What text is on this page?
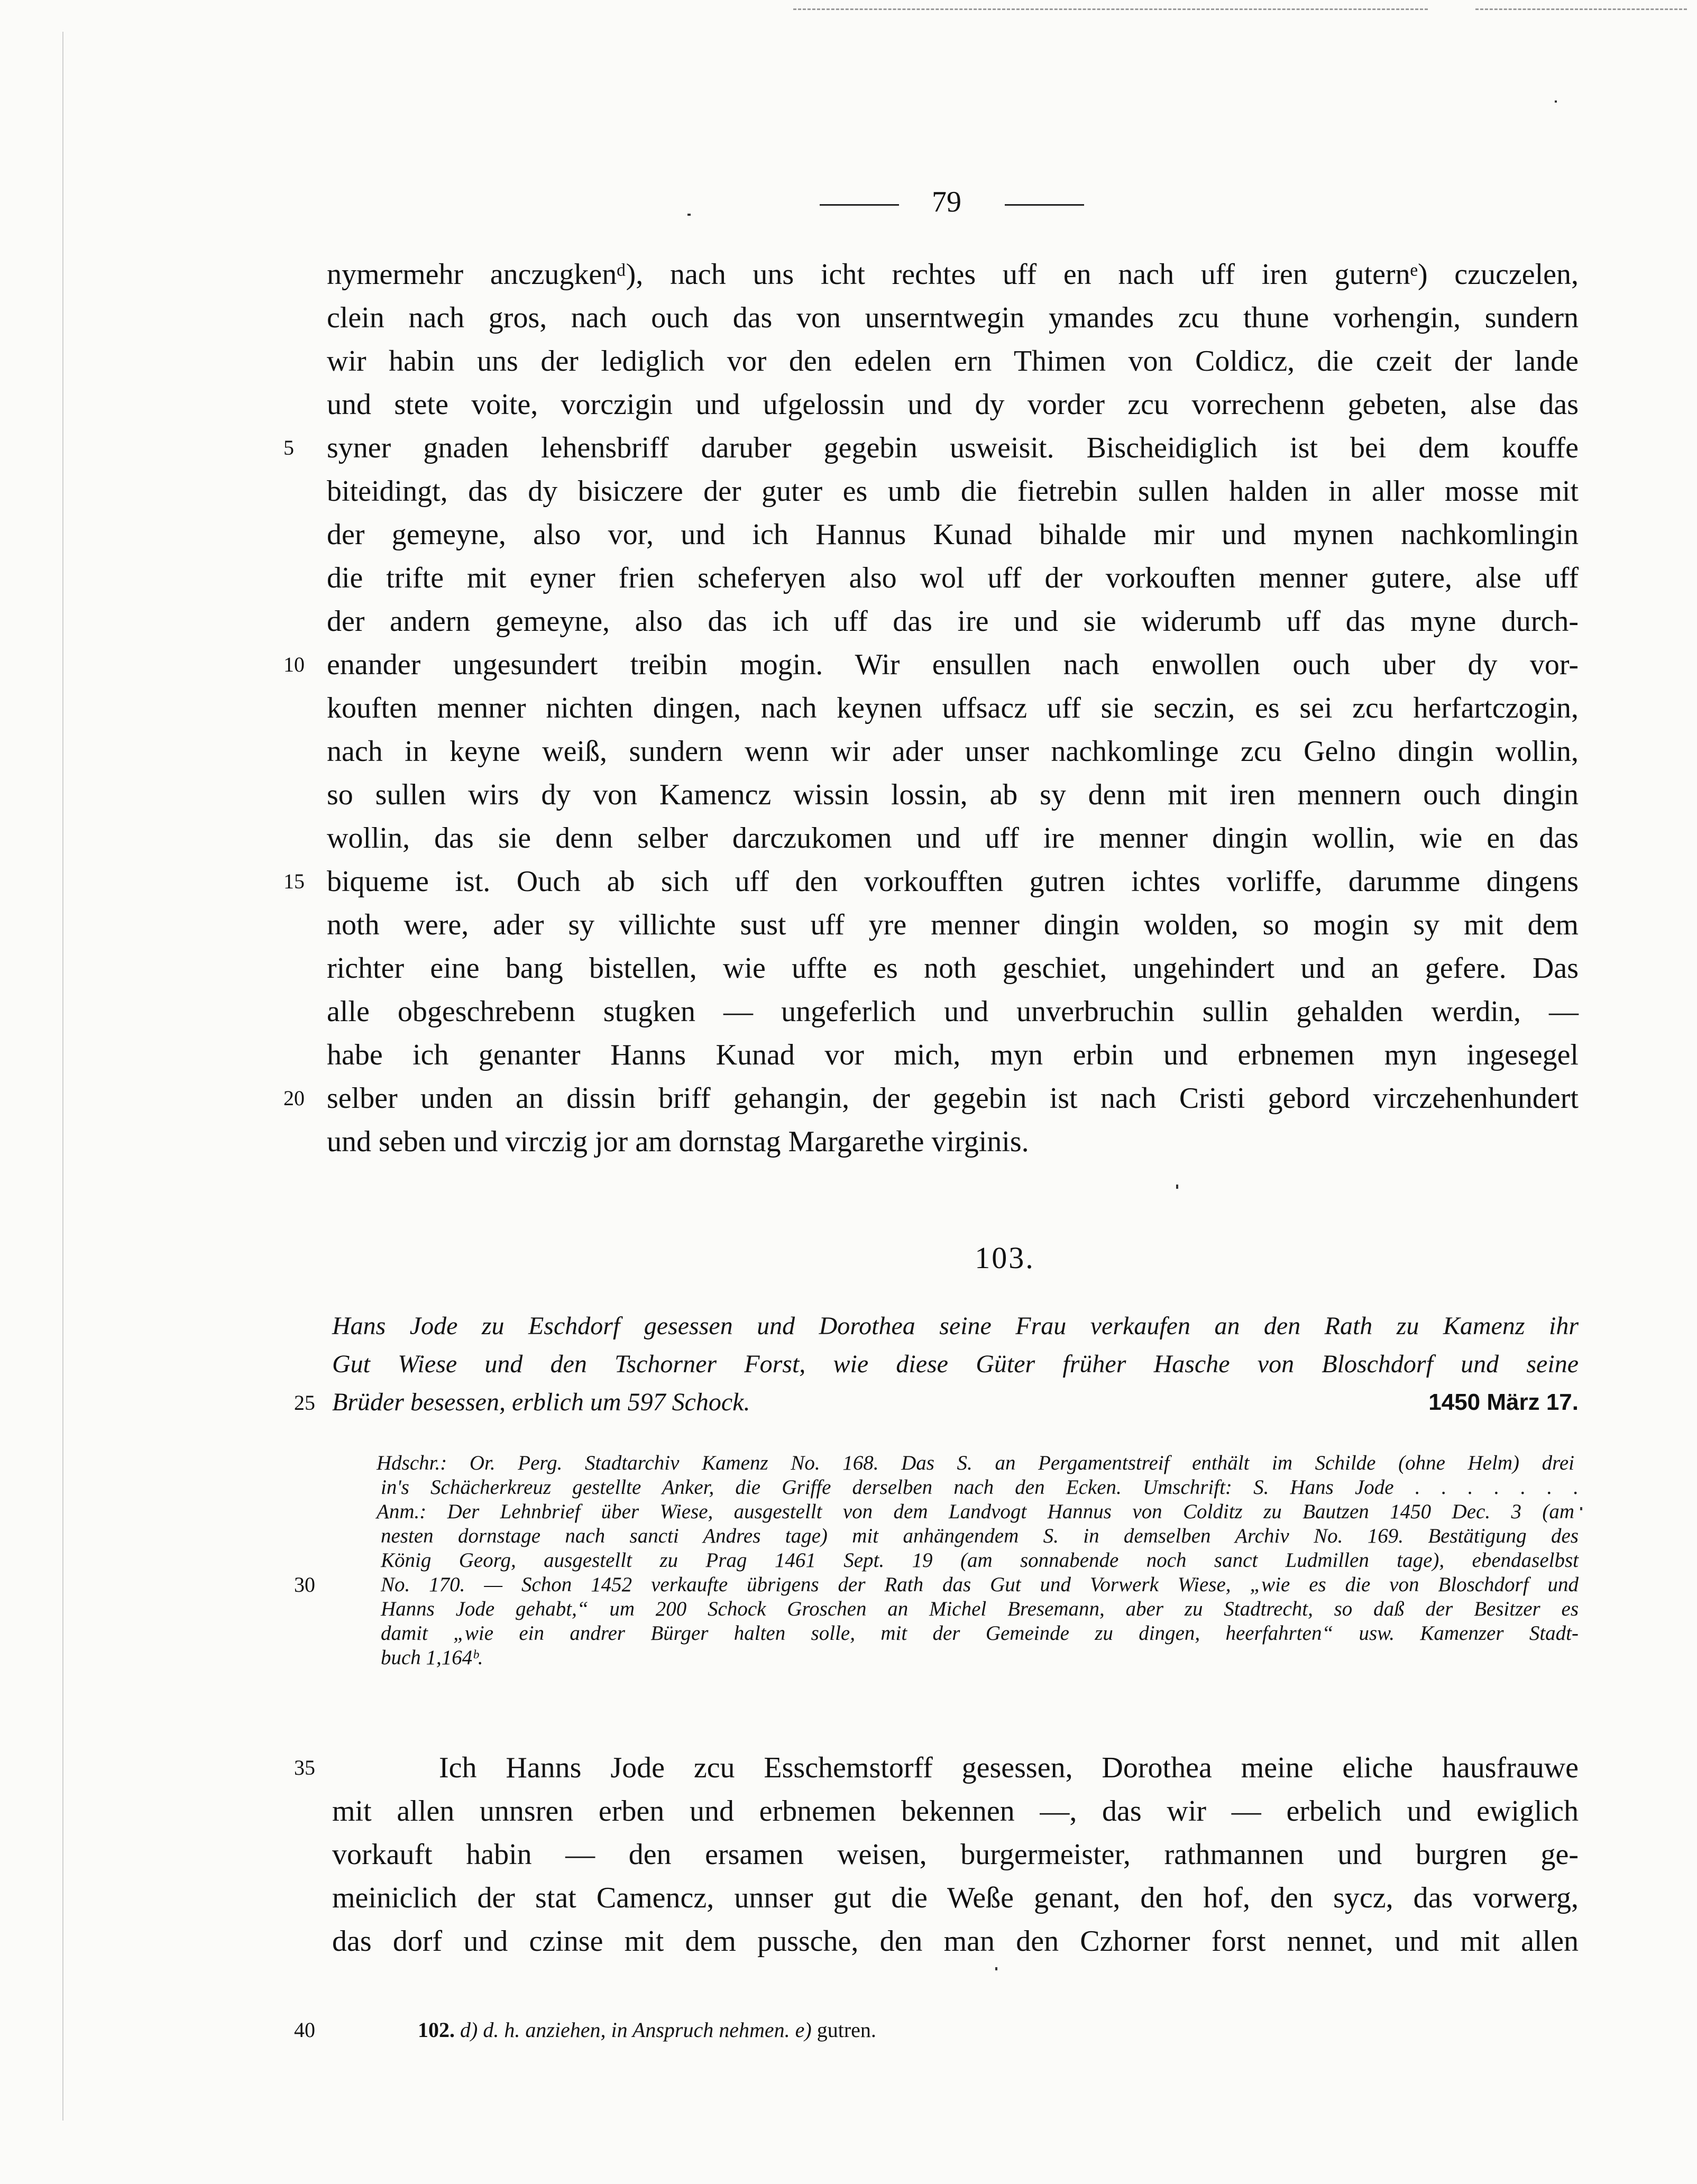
79
nymermehr anczugkenᵈ), nach uns icht rechtes uff en nach uff iren guternᵉ) czuczelen,
clein nach gros, nach ouch das von unserntwegin ymandes zcu thune vorhengin, sundern
wir habin uns der lediglich vor den edelen ern Thimen von Coldicz, die czeit der lande
und stete voite, vorczigin und ufgelossin und dy vorder zcu vorrechenn gebeten, alse das
syner gnaden lehensbriff daruber gegebin usweisit. Bischeidiglich ist bei dem kouffe
biteidingt, das dy bisiczere der guter es umb die fietrebin sullen halden in aller mosse mit
der gemeyne, also vor, und ich Hannus Kunad bihalde mir und mynen nachkomlingin
die trifte mit eyner frien scheferyen also wol uff der vorkouften menner gutere, alse uff
der andern gemeyne, also das ich uff das ire und sie widerumb uff das myne durch-
enander ungesundert treibin mogin. Wir ensullen nach enwollen ouch uber dy vor-
kouften menner nichten dingen, nach keynen uffsacz uff sie seczin, es sei zcu herfartczogin,
nach in keyne weiß, sundern wenn wir ader unser nachkomlinge zcu Gelno dingin wollin,
so sullen wirs dy von Kamencz wissin lossin, ab sy denn mit iren mennern ouch dingin
wollin, das sie denn selber darczukomen und uff ire menner dingin wollin, wie en das
biqueme ist. Ouch ab sich uff den vorkoufften gutren ichtes vorliffe, darumme dingens
noth were, ader sy villichte sust uff yre menner dingin wolden, so mogin sy mit dem
richter eine bang bistellen, wie uffte es noth geschiet, ungehindert und an gefere. Das
alle obgeschrebenn stugken — ungeferlich und unverbruchin sullin gehalden werdin, —
habe ich genanter Hanns Kunad vor mich, myn erbin und erbnemen myn ingesegel
selber unden an dissin briff gehangin, der gegebin ist nach Cristi gebord virczehenhundert
und seben und virczig jor am dornstag Margarethe virginis.
5
10
15
20
103.
Hans Jode zu Eschdorf gesessen und Dorothea seine Frau verkaufen an den Rath zu Kamenz ihr
Gut Wiese und den Tschorner Forst, wie diese Güter früher Hasche von Bloschdorf und seine
Brüder besessen, erblich um 597 Schock.
25	1450 März 17.
Hdschr.: Or. Perg. Stadtarchiv Kamenz No. 168. Das S. an Pergamentstreif enthält im Schilde (ohne Helm) drei
in's Schächerkreuz gestellte Anker, die Griffe derselben nach den Ecken. Umschrift: S. Hans Jode . . . . . . .
Anm.: Der Lehnbrief über Wiese, ausgestellt von dem Landvogt Hannus von Colditz zu Bautzen 1450 Dec. 3 (am
nesten dornstage nach sancti Andres tage) mit anhängendem S. in demselben Archiv No. 169. Bestätigung des
König Georg, ausgestellt zu Prag 1461 Sept. 19 (am sonnabende noch sanct Ludmillen tage), ebendaselbst
No. 170. — Schon 1452 verkaufte übrigens der Rath das Gut und Vorwerk Wiese, „wie es die von Bloschdorf und
Hanns Jode gehabt,“ um 200 Schock Groschen an Michel Bresemann, aber zu Stadtrecht, so daß der Besitzer es
damit „wie ein andrer Bürger halten solle, mit der Gemeinde zu dingen, heerfahrten“ usw. Kamenzer Stadt-
buch 1,164ᵇ.
30
Ich Hanns Jode zcu Esschemstorff gesessen, Dorothea meine eliche hausfrauwe
mit allen unnsren erben und erbnemen bekennen —, das wir — erbelich und ewiglich
vorkauft habin — den ersamen weisen, burgermeister, rathmannen und burgren ge-
meiniclich der stat Camencz, unnser gut die Weße genant, den hof, den sycz, das vorwerg,
das dorf und czinse mit dem pussche, den man den Czhorner forst nennet, und mit allen
35
40	102. d) d. h. anziehen, in Anspruch nehmen. e) gutren.
